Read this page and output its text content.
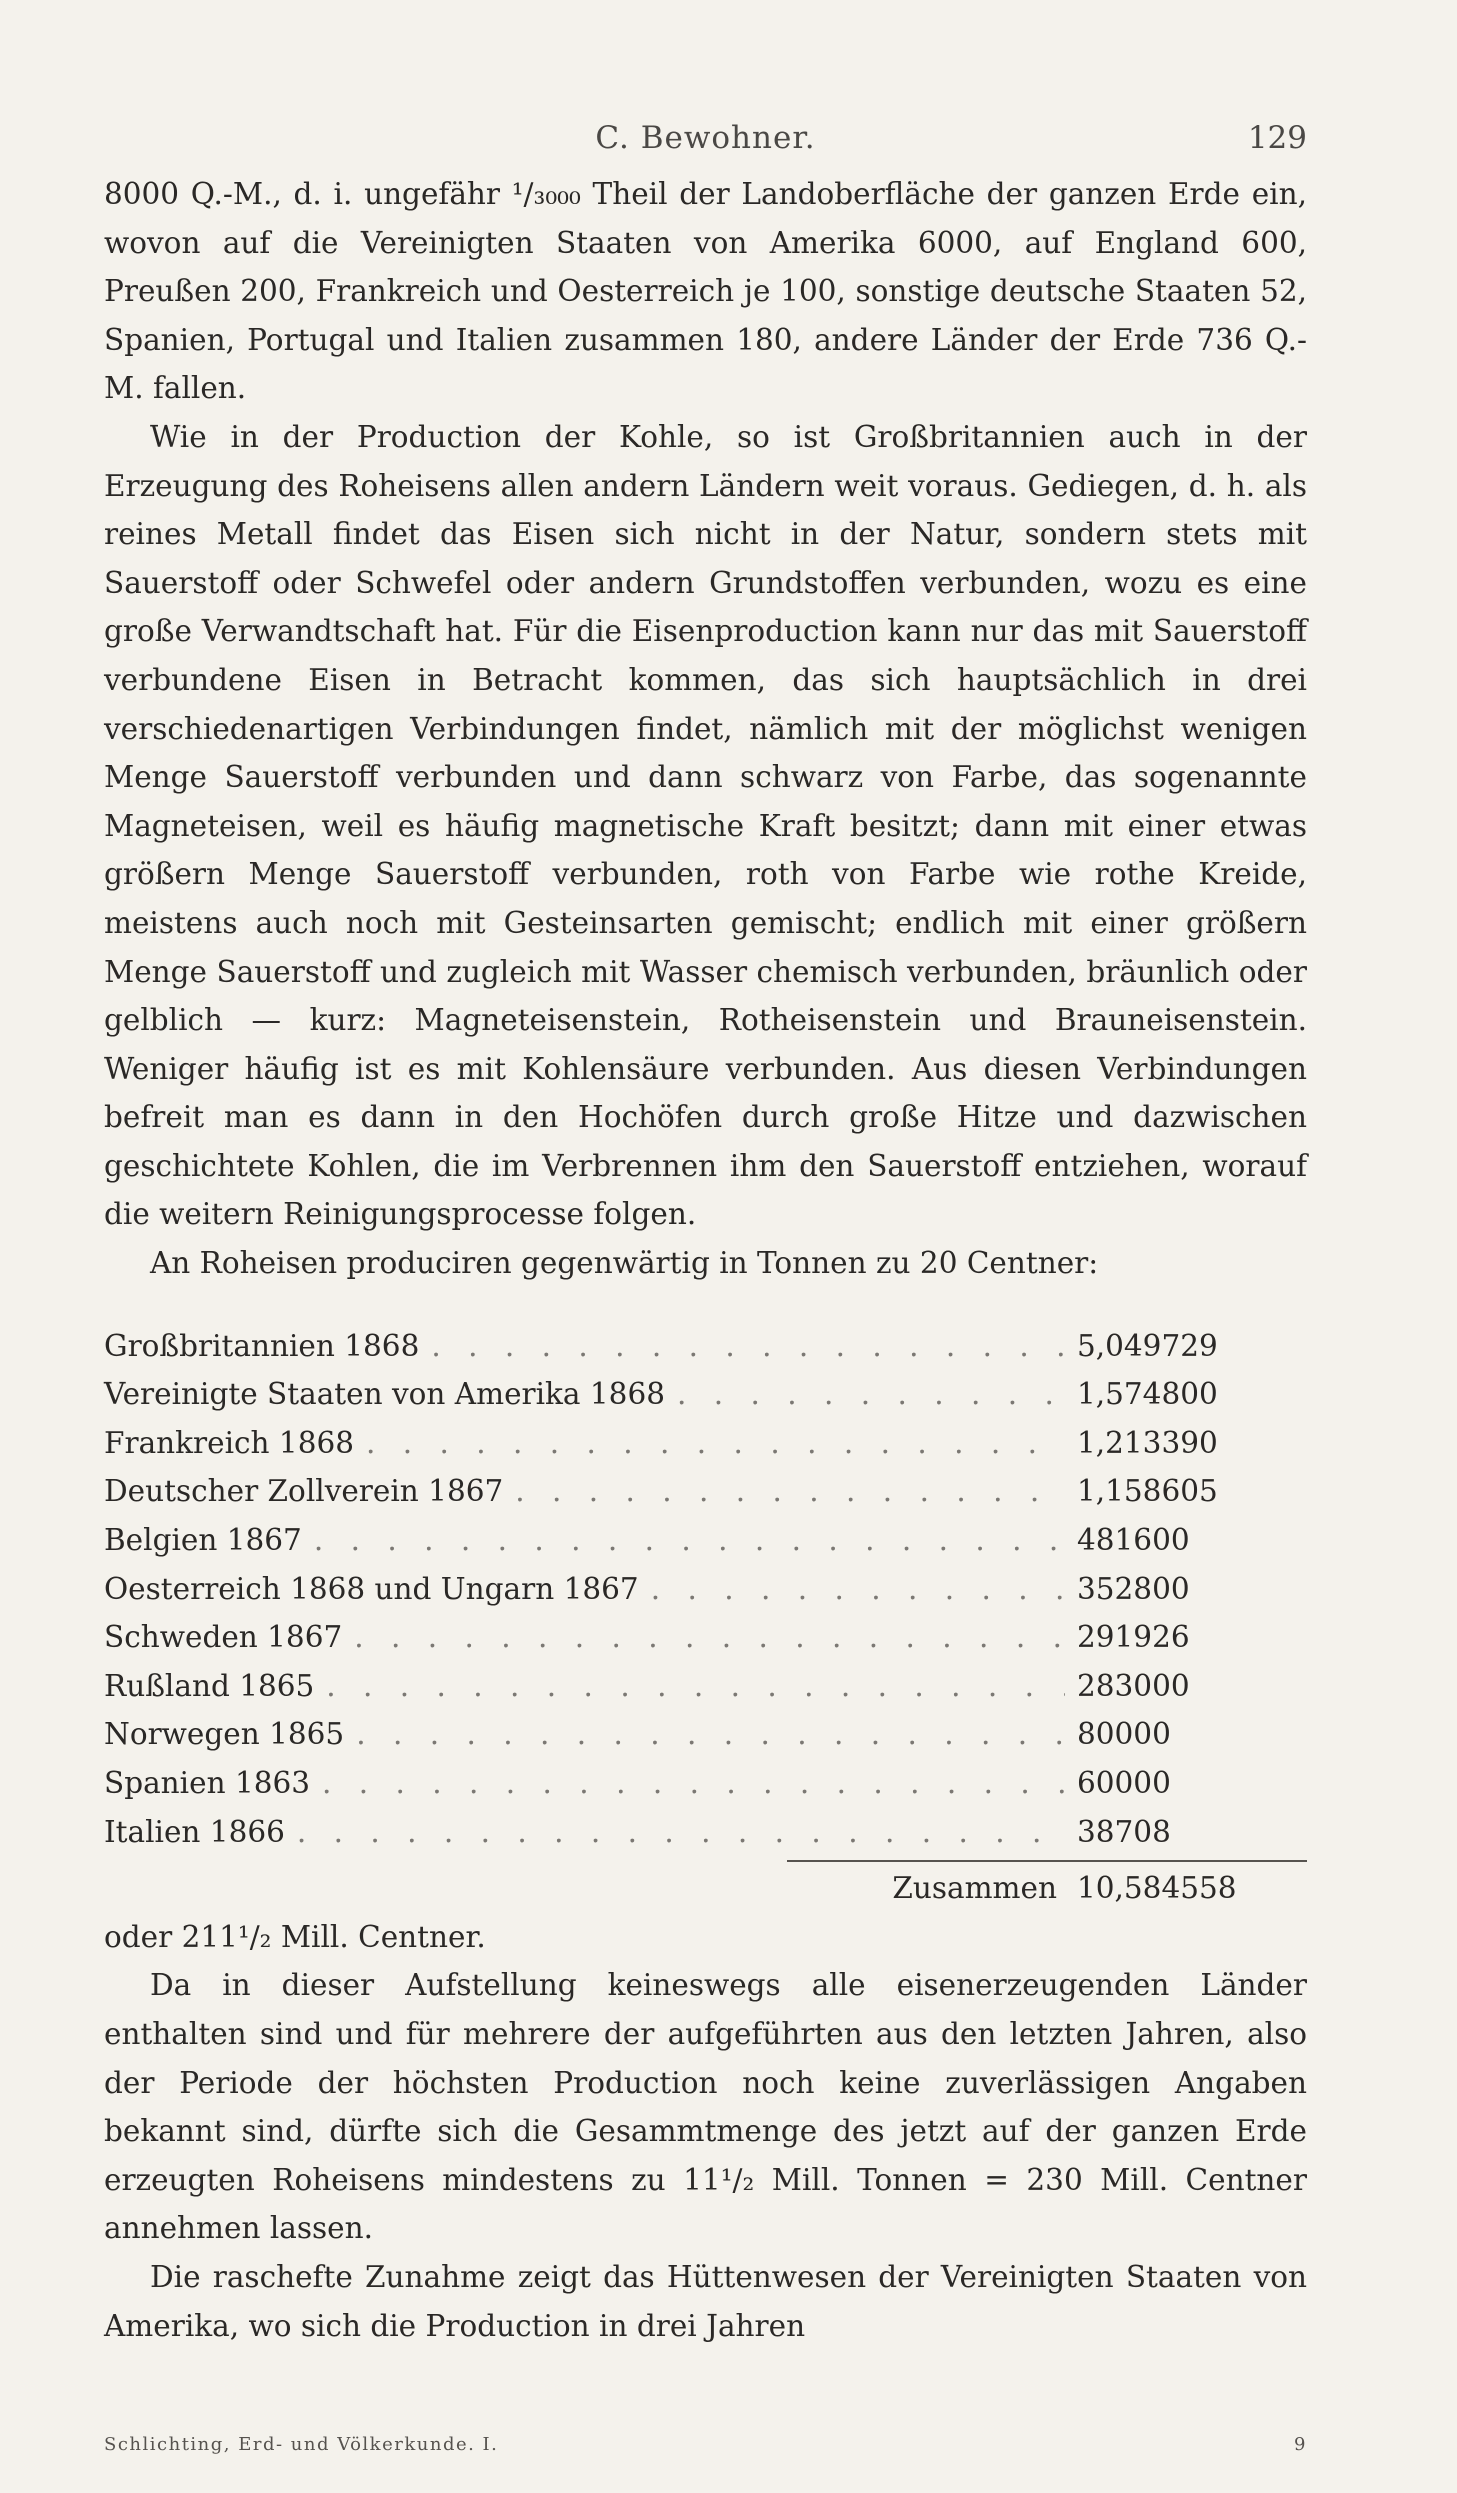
C. Bewohner.	129

8000 Q.-M., d. i. ungefähr ¹/₃₀₀₀ Theil der Landoberfläche der ganzen Erde ein, wovon auf die Vereinigten Staaten von Amerika 6000, auf England 600, Preußen 200, Frankreich und Oesterreich je 100, sonstige deutsche Staaten 52, Spanien, Portugal und Italien zusammen 180, andere Länder der Erde 736 Q.-M. fallen.

Wie in der Production der Kohle, so ist Großbritannien auch in der Erzeugung des Roheisens allen andern Ländern weit voraus. Gediegen, d. h. als reines Metall findet das Eisen sich nicht in der Natur, sondern stets mit Sauerstoff oder Schwefel oder andern Grundstoffen verbunden, wozu es eine große Verwandtschaft hat. Für die Eisenproduction kann nur das mit Sauerstoff verbundene Eisen in Betracht kommen, das sich hauptsächlich in drei verschiedenartigen Verbindungen findet, nämlich mit der möglichst wenigen Menge Sauerstoff verbunden und dann schwarz von Farbe, das sogenannte Magneteisen, weil es häufig magnetische Kraft besitzt; dann mit einer etwas größern Menge Sauerstoff verbunden, roth von Farbe wie rothe Kreide, meistens auch noch mit Gesteinsarten gemischt; endlich mit einer größern Menge Sauerstoff und zugleich mit Wasser chemisch verbunden, bräunlich oder gelblich — kurz: Magneteisenstein, Rotheisenstein und Brauneisenstein. Weniger häufig ist es mit Kohlensäure verbunden. Aus diesen Verbindungen befreit man es dann in den Hochöfen durch große Hitze und dazwischen geschichtete Kohlen, die im Verbrennen ihm den Sauerstoff entziehen, worauf die weitern Reinigungsprocesse folgen.

An Roheisen produciren gegenwärtig in Tonnen zu 20 Centner:

Großbritannien 1868 . . .	5,049729
Vereinigte Staaten von Amerika 1868 . . .	1,574800
Frankreich 1868 . . .	1,213390
Deutscher Zollverein 1867 . . .	1,158605
Belgien 1867 . . .	481600
Oesterreich 1868 und Ungarn 1867 . . .	352800
Schweden 1867 . . .	291926
Rußland 1865 . . .	283000
Norwegen 1865 . . .	80000
Spanien 1863 . . .	60000
Italien 1866 . . .	38708
Zusammen 10,584558

oder 211¹/₂ Mill. Centner.

Da in dieser Aufstellung keineswegs alle eisenerzeugenden Länder enthalten sind und für mehrere der aufgeführten aus den letzten Jahren, also der Periode der höchsten Production noch keine zuverlässigen Angaben bekannt sind, dürfte sich die Gesammtmenge des jetzt auf der ganzen Erde erzeugten Roheisens mindestens zu 11¹/₂ Mill. Tonnen = 230 Mill. Centner annehmen lassen.

Die raschefte Zunahme zeigt das Hüttenwesen der Vereinigten Staaten von Amerika, wo sich die Production in drei Jahren

Schlichting, Erd- und Völkerkunde. I.	9
